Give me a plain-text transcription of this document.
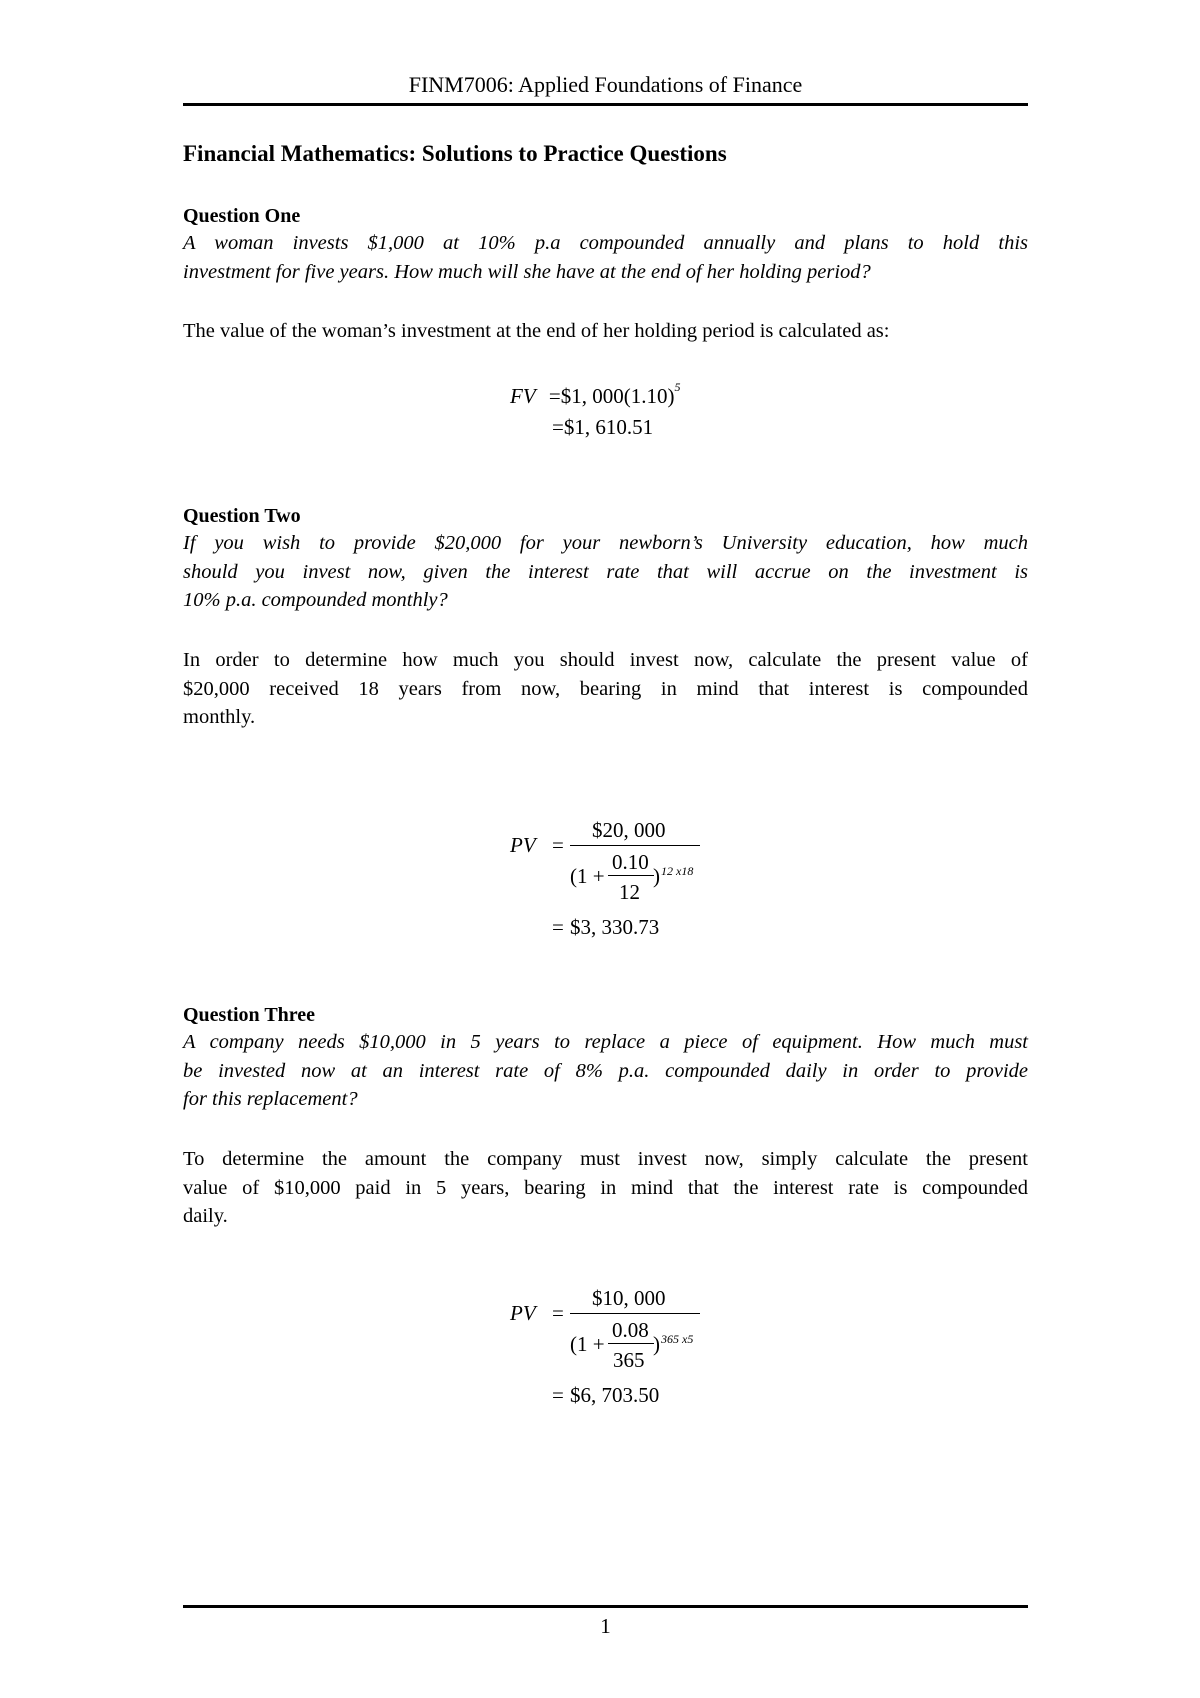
FINM7006: Applied Foundations of Finance
Financial Mathematics: Solutions to Practice Questions
Question One
A woman invests $1,000 at 10% p.a compounded annually and plans to hold this
investment for five years. How much will she have at the end of her holding period?
The value of the woman’s investment at the end of her holding period is calculated as:
FV =$1, $000(1.10)^5$
=$1, 610.51
Question Two
If you wish to provide $20,000 for your newborn’s University education, how much
should you invest now, given the interest rate that will accrue on the investment is
10% p.a. compounded monthly?
In order to determine how much you should invest now, calculate the present value of
$20,000 received 18 years from now, bearing in mind that interest is compounded
monthly.
PV =
$20, 000
(1 +
0.10
12
) 12 x18
= $3, 330.73
Question Three
A company needs $10,000 in 5 years to replace a piece of equipment. How much must
be invested now at an interest rate of 8% p.a. compounded daily in order to provide
for this replacement?
To determine the amount the company must invest now, simply calculate the present
value of $10,000 paid in 5 years, bearing in mind that the interest rate is compounded
daily.
PV =
$10, 000
(1 +
0.08
365
) 365 x5
= $6, 703.50
1
